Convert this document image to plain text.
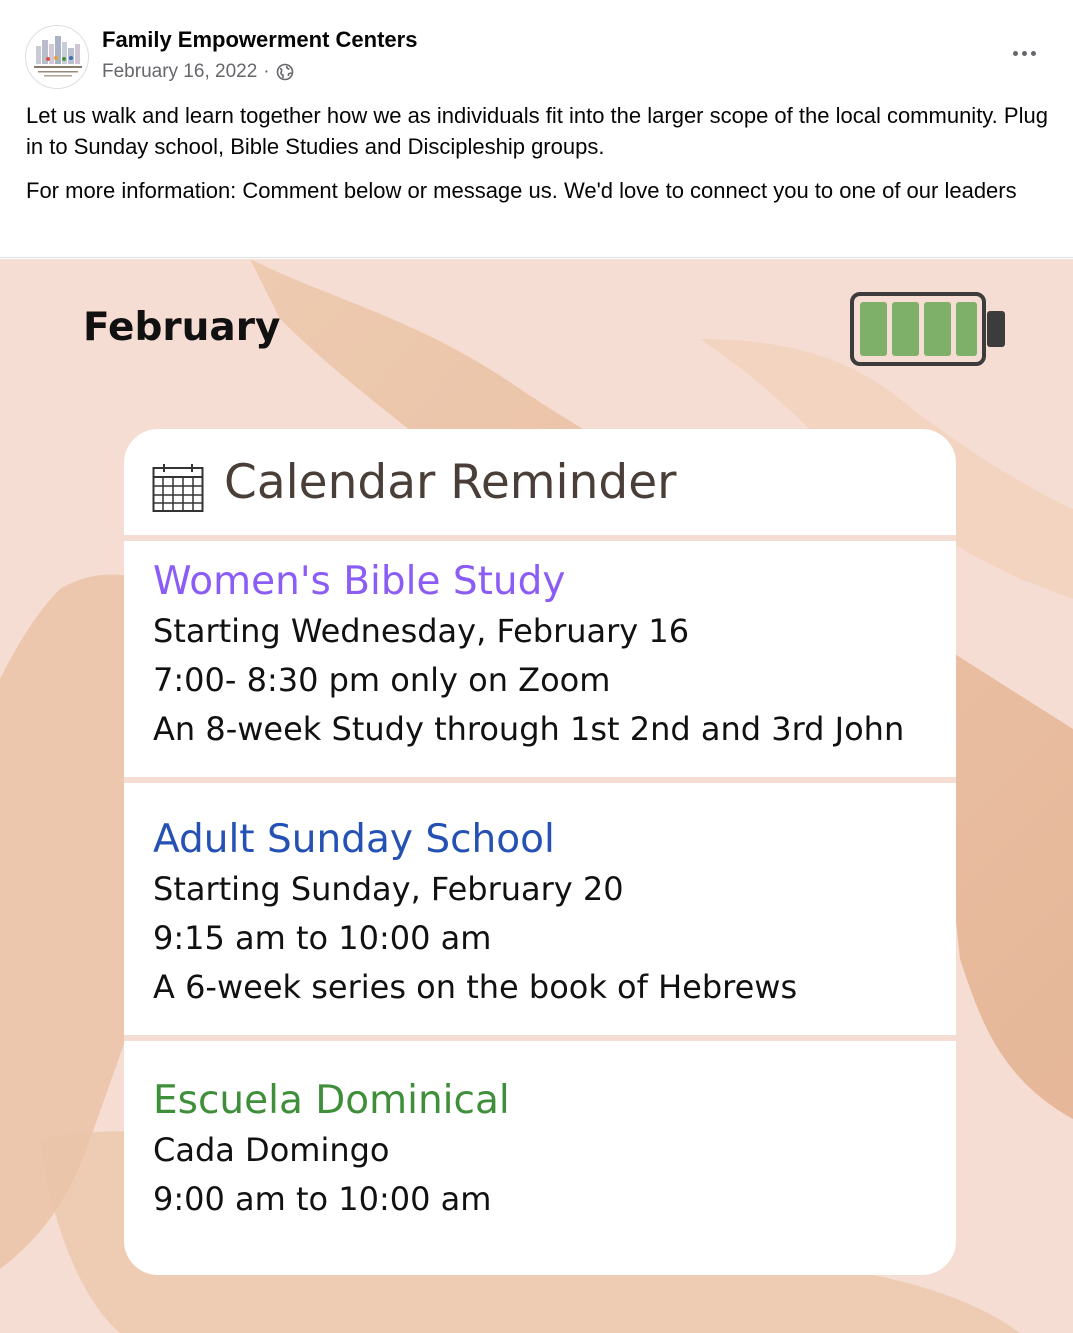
Family Empowerment Centers
February 16, 2022 ·

Let us walk and learn together how we as individuals fit into the larger scope of the local community. Plug in to Sunday school, Bible Studies and Discipleship groups.

For more information: Comment below or message us. We'd love to connect you to one of our leaders

February
Calendar Reminder
Women's Bible Study
Starting Wednesday, February 16
7:00- 8:30 pm only on Zoom
An 8-week Study through 1st 2nd and 3rd John
Adult Sunday School
Starting Sunday, February 20
9:15 am to 10:00 am
A 6-week series on the book of Hebrews
Escuela Dominical
Cada Domingo
9:00 am to 10:00 am
